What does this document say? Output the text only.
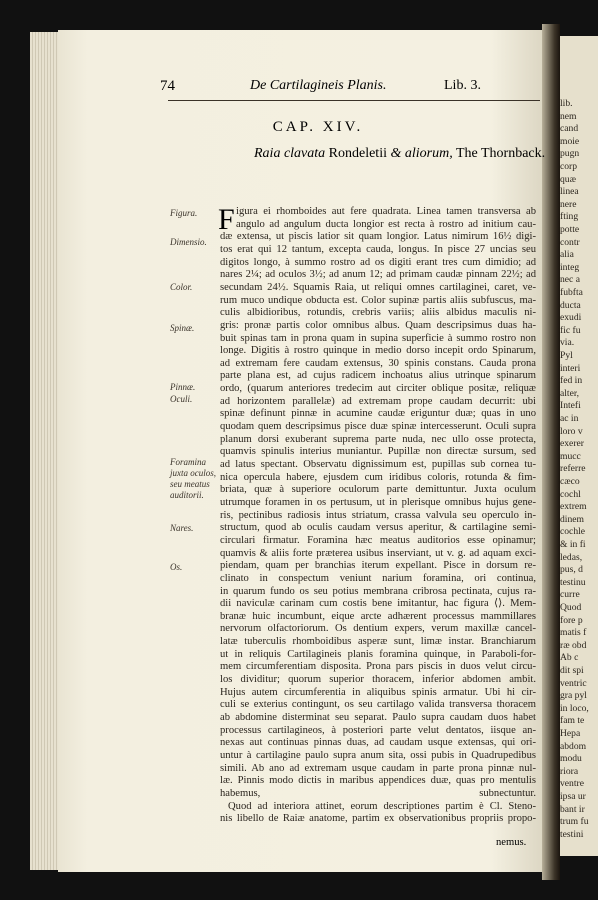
lib.
nem
cand
moie
pugn
corp
quæ
linea
nere
fting
potte
contr
alia
integ
nec a
fubfta
ducta
exudi
fic fu
via.
Pyl
interi
fed in
alter,
Intefi
ac in
loro v
exerer
mucc
referre
cæco
cochl
extrem
dinem
cochle
& in fi
ledas,
pus, d
testinu
curre
Quod
fore p
matis f
ræ obd
Ab c
dit spi
ventric
gra pyl
in loco,
fam te
Hepa
abdom
modu
riora
ventre
ipsa ur
bant ir
trum fu
testini
74	De Cartilagineis Planis.	Lib. 3.
CAP. XIV.
Raia clavata Rondeletii & aliorum, The Thornback.
Figura.
Dimensio.
Color.
Spinæ.
Pinnæ.
Oculi.
Foramina
juxta oculos,
seu meatus
auditorii.
Nares.
Os.
F igura ei rhomboides aut fere quadrata. Linea tamen transversa ab
angulo ad angulum ducta longior est recta à rostro ad initium cau-
dæ extensa, ut piscis latior sit quam longior. Latus nimirum 16½ digi-
tos erat qui 12 tantum, excepta cauda, longus. In pisce 27 uncias seu
digitos longo, à summo rostro ad os digiti erant tres cum dimidio; ad
nares 2¼; ad oculos 3½; ad anum 12; ad primam caudæ pinnam 22½; ad
secundam 24½. Squamis Raia, ut reliqui omnes cartilaginei, caret, ve-
rum muco undique obducta est. Color supinæ partis aliis subfuscus, ma-
culis albidioribus, rotundis, crebris variis; aliis albidus maculis ni-
gris: pronæ partis color omnibus albus. Quam descripsimus duas ha-
buit spinas tam in prona quam in supina superficie à summo rostro non
longe. Digitis à rostro quinque in medio dorso incepit ordo Spinarum,
ad extremam fere caudam extensus, 30 spinis constans. Cauda prona
parte plana est, ad cujus radicem inchoatus alius utrinque spinarum
ordo, (quarum anteriores tredecim aut circiter oblique positæ, reliquæ
ad horizontem parallelæ) ad extremam prope caudam decurrit: ubi
spinæ definunt pinnæ in acumine caudæ eriguntur duæ; quas in uno
quodam quem descripsimus pisce duæ spinæ intercesserunt. Oculi supra
planum dorsi exuberant suprema parte nuda, nec ullo osse protecta,
quamvis spinulis interius muniantur. Pupillæ non directæ sursum, sed
ad latus spectant. Observatu dignissimum est, pupillas sub cornea tu-
nica opercula habere, ejusdem cum iridibus coloris, rotunda & fim-
briata, quæ à superiore oculorum parte demittuntur. Juxta oculum
utrumque foramen in os pertusum, ut in plerisque omnibus hujus gene-
ris, pectinibus radiosis intus striatum, crassa valvula seu operculo in-
structum, quod ab oculis caudam versus aperitur, & cartilagine semi-
circulari firmatur. Foramina hæc meatus auditorios esse opinamur;
quamvis & aliis forte præterea usibus inserviant, ut v. g. ad aquam exci-
piendam, quam per branchias iterum expellant. Pisce in dorsum re-
clinato in conspectum veniunt narium foramina, ori continua,
in quarum fundo os seu potius membrana cribrosa pectinata, cujus ra-
dii naviculæ carinam cum costis bene imitantur, hac figura ⟨⟩. Mem-
branæ huic incumbunt, eique arcte adhærent processus mammillares
nervorum olfactoriorum. Os dentium expers, verum maxillæ cancel-
latæ tuberculis rhomboidibus asperæ sunt, limæ instar. Branchiarum
ut in reliquis Cartilagineis planis foramina quinque, in Paraboli-for-
mem circumferentiam disposita. Prona pars piscis in duos velut circu-
los dividitur; quorum superior thoracem, inferior abdomen ambit.
Hujus autem circumferentia in aliquibus spinis armatur. Ubi hi cir-
culi se exterius contingunt, os seu cartilago valida transversa thoracem
ab abdomine disterminat seu separat. Paulo supra caudam duos habet
processus cartilagineos, à posteriori parte velut dentatos, iisque an-
nexas aut continuas pinnas duas, ad caudam usque extensas, qui ori-
untur à cartilagine paulo supra anum sita, ossi pubis in Quadrupedibus
simili. Ab ano ad extremam usque caudam in parte prona pinnæ nul-
læ. Pinnis modo dictis in maribus appendices duæ, quas pro mentulis
habemus, subnectuntur.
Quod ad interiora attinet, eorum descriptiones partim è Cl. Steno-
nis libello de Raiæ anatome, partim ex observationibus propriis propo-
nemus.
